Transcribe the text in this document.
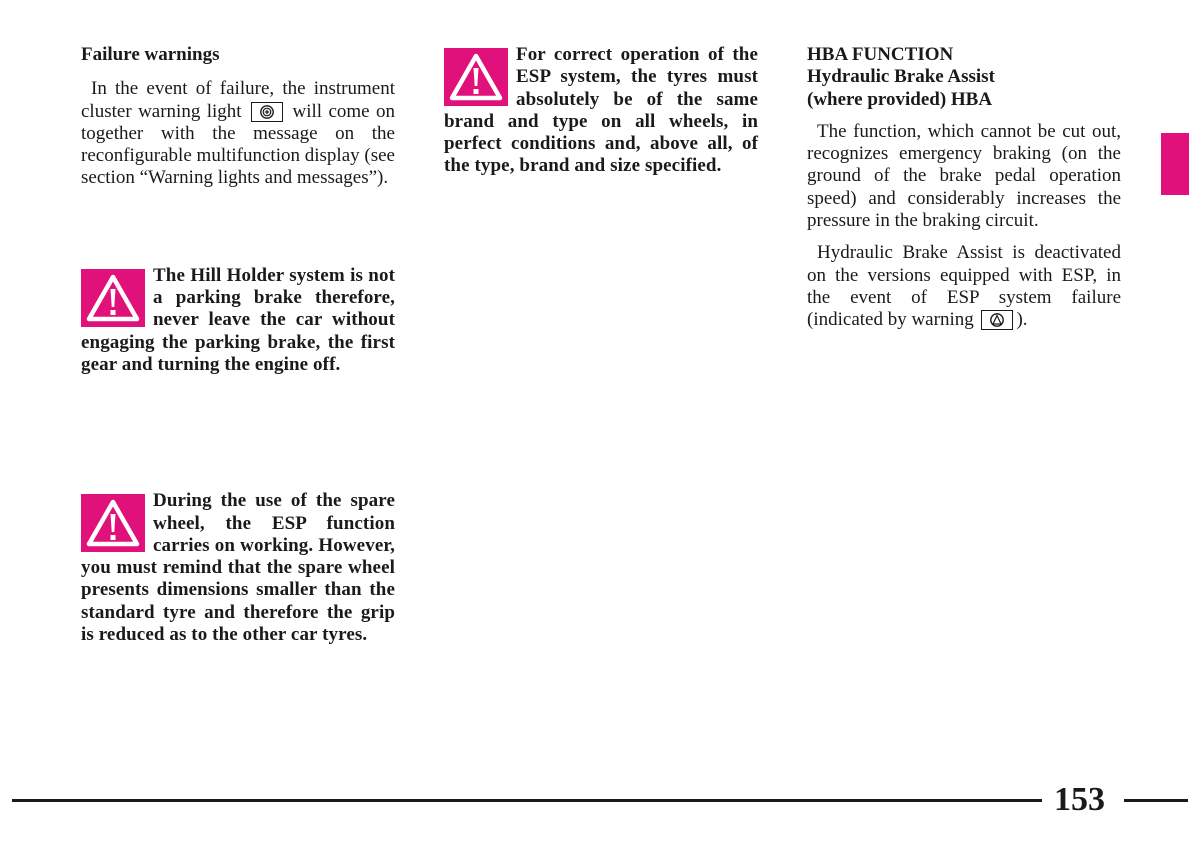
Failure warnings

In the event of failure, the instrument cluster warning light	will come on together with the message on the reconfigurable multifunction display (see section “Warning lights and messages”).

The Hill Holder system is not a parking brake therefore, never leave the car without engaging the parking brake, the first gear and turning the engine off.

During the use of the spare wheel, the ESP function carries on working. However, you must remind that the spare wheel presents dimensions smaller than the standard tyre and therefore the grip is reduced as to the other car tyres.

For correct operation of the ESP system, the tyres must absolutely be of the same brand and type on all wheels, in perfect conditions and, above all, of the type, brand and size specified.

HBA FUNCTION

Hydraulic Brake Assist

(where provided) HBA

The function, which cannot be cut out, recognizes emergency braking (on the ground of the brake pedal operation speed) and considerably increases the pressure in the braking circuit.

Hydraulic Brake Assist is deactivated on the versions equipped with ESP, in the event of ESP system failure (indicated by warning ).

153
